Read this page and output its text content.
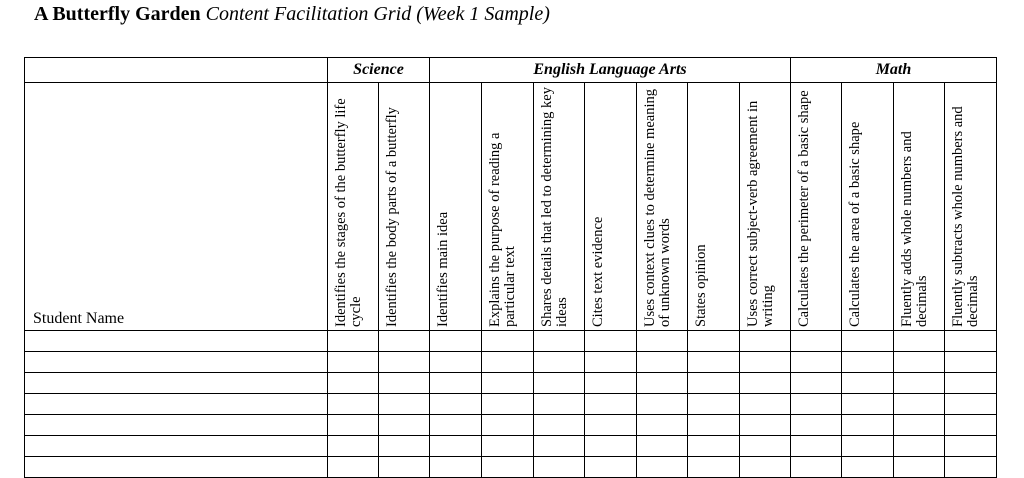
A Butterfly Garden Content Facilitation Grid (Week 1 Sample)
	Science		English Language Arts							Math			
Student Name	Identifies the stages of the butterfly life cycle	Identifies the body parts of a butterfly	Identifies main idea	Explains the purpose of reading a particular text	Shares details that led to determining key ideas	Cites text evidence	Uses context clues to determine meaning of unknown words	States opinion	Uses correct subject-verb agreement in writing	Calculates the perimeter of a basic shape	Calculates the area of a basic shape	Fluently adds whole numbers and decimals	Fluently subtracts whole numbers and decimals
